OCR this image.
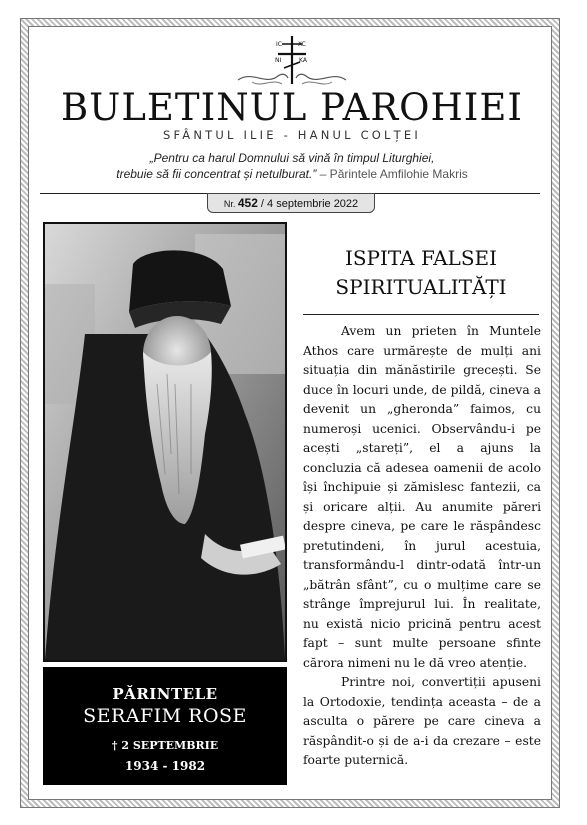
IC	XC
NI	KA
BULETINUL PAROHIEI
SFÂNTUL ILIE - HANUL COLȚEI
„Pentru ca harul Domnului să vină în timpul Liturghiei,
trebuie să fii concentrat și netulburat.” – Părintele Amfilohie Makris
Nr. 452 / 4 septembrie 2022
PĂRINTELE
SERAFIM ROSE
† 2 SEPTEMBRIE
1934 - 1982
ISPITA FALSEI
SPIRITUALITĂȚI

Avem un prieten în Muntele Athos care urmărește de mulți ani situația din mănăstirile grecești. Se duce în locuri unde, de pildă, cineva a devenit un „gheronda” faimos, cu numeroși ucenici. Observându-i pe acești „stareți”, el a ajuns la concluzia că adesea oamenii de acolo își închipuie și zămislesc fantezii, ca și oricare alții. Au anumite păreri despre cineva, pe care le răspândesc pretutindeni, în jurul acestuia, transformându-l dintr-odată într-un „bătrân sfânt”, cu o mulțime care se strânge împrejurul lui. În realitate, nu există nicio pricină pentru acest fapt – sunt multe persoane sfinte cărora nimeni nu le dă vreo atenție.

Printre noi, convertiții apuseni la Ortodoxie, tendința aceasta – de a asculta o părere pe care cineva a răspândit-o și de a-i da crezare – este foarte puternică.
